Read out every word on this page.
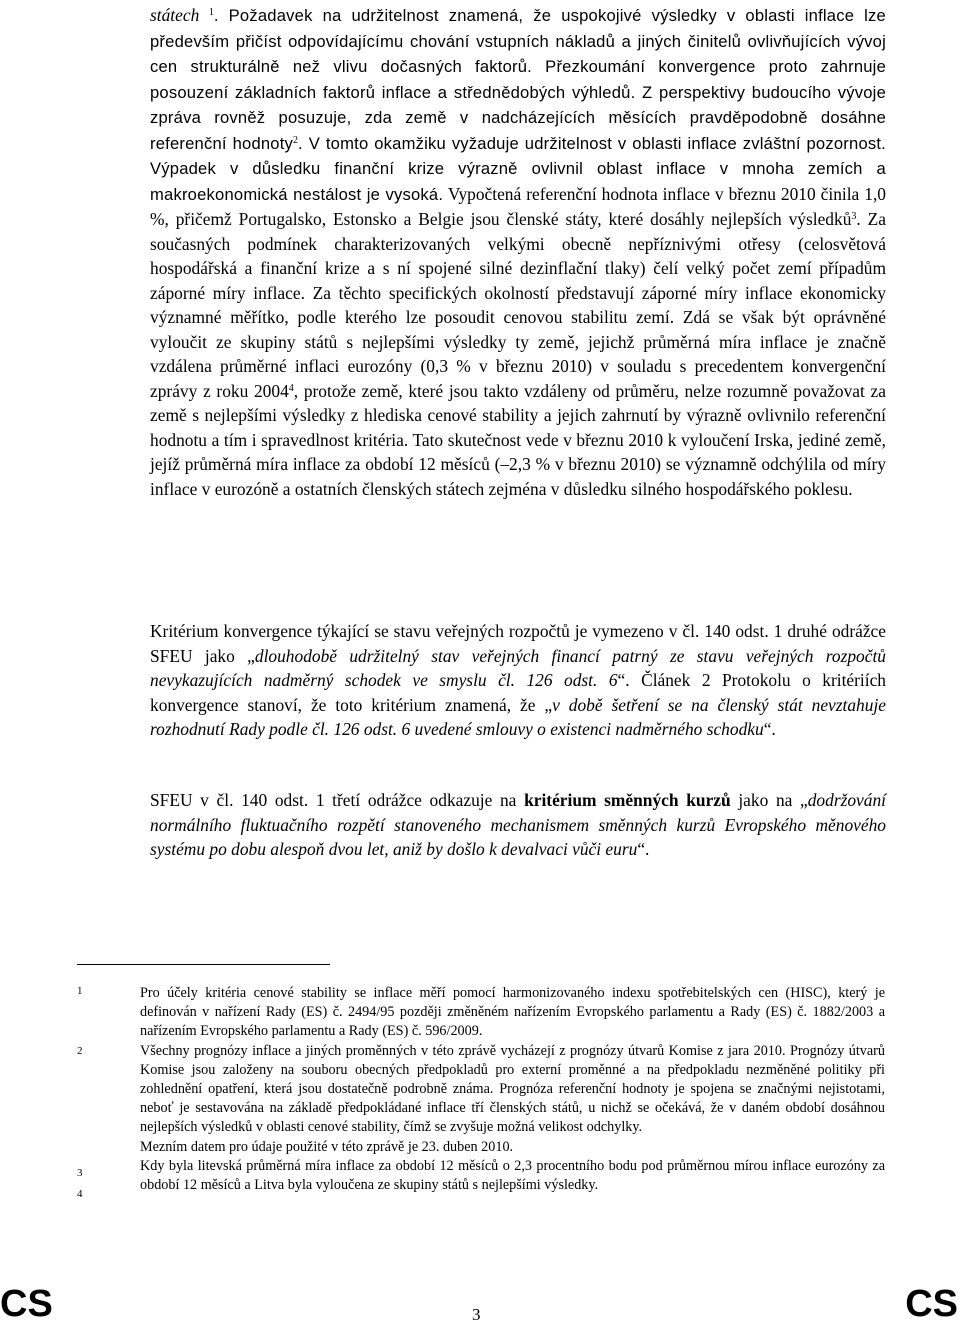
státech $^1$. Požadavek na udržitelnost znamená, že uspokojivé výsledky v oblasti inflace lze především přičíst odpovídajícímu chování vstupních nákladů a jiných činitelů ovlivňujících vývoj cen strukturálně než vlivu dočasných faktorů. Přezkoumání konvergence proto zahrnuje posouzení základních faktorů inflace a střednědobých výhledů. Z perspektivy budoucího vývoje zpráva rovněž posuzuje, zda země v nadcházejících měsících pravděpodobně dosáhne referenční hodnoty$^2$. V tomto okamžiku vyžaduje udržitelnost v oblasti inflace zvláštní pozornost. Výpadek v důsledku finanční krize výrazně ovlivnil oblast inflace v mnoha zemích a makroekonomická nestálost je vysoká. Vypočtená referenční hodnota inflace v březnu 2010 činila 1,0 %, přičemž Portugalsko, Estonsko a Belgie jsou členské státy, které dosáhly nejlepších výsledků$^3$. Za současných podmínek charakterizovaných velkými obecně nepříznivými otřesy (celosvětová hospodářská a finanční krize a s ní spojené silné dezinflační tlaky) čelí velký počet zemí případům záporné míry inflace. Za těchto specifických okolností představují záporné míry inflace ekonomicky významné měřítko, podle kterého lze posoudit cenovou stabilitu zemí. Zdá se však být oprávněné vyloučit ze skupiny států s nejlepšími výsledky ty země, jejichž průměrná míra inflace je značně vzdálena průměrné inflaci eurozóny (0,3 % v březnu 2010) v souladu s precedentem konvergenční zprávy z roku 2004$^4$, protože země, které jsou takto vzdáleny od průměru, nelze rozumně považovat za země s nejlepšími výsledky z hlediska cenové stability a jejich zahrnutí by výrazně ovlivnilo referenční hodnotu a tím i spravedlnost kritéria. Tato skutečnost vede v březnu 2010 k vyloučení Irska, jediné země, jejíž průměrná míra inflace za období 12 měsíců (–2,3 % v březnu 2010) se významně odchýlila od míry inflace v eurozóně a ostatních členských státech zejména v důsledku silného hospodářského poklesu.

Kritérium konvergence týkající se stavu veřejných rozpočtů je vymezeno v čl. 140 odst. 1 druhé odrážce SFEU jako „dlouhodobě udržitelný stav veřejných financí patrný ze stavu veřejných rozpočtů nevykazujících nadměrný schodek ve smyslu čl. 126 odst. 6“. Článek 2 Protokolu o kritériích konvergence stanoví, že toto kritérium znamená, že „v době šetření se na členský stát nevztahuje rozhodnutí Rady podle čl. 126 odst. 6 uvedené smlouvy o existenci nadměrného schodku“.

SFEU v čl. 140 odst. 1 třetí odrážce odkazuje na kritérium směnných kurzů jako na „dodržování normálního fluktuačního rozpětí stanoveného mechanismem směnných kurzů Evropského měnového systému po dobu alespoň dvou let, aniž by došlo k devalvaci vůči euru“.

1
2
3
4

Pro účely kritéria cenové stability se inflace měří pomocí harmonizovaného indexu spotřebitelských cen (HISC), který je definován v nařízení Rady (ES) č. 2494/95 později změněném nařízením Evropského parlamentu a Rady (ES) č. 1882/2003 a nařízením Evropského parlamentu a Rady (ES) č. 596/2009.

Všechny prognózy inflace a jiných proměnných v této zprávě vycházejí z prognózy útvarů Komise z jara 2010. Prognózy útvarů Komise jsou založeny na souboru obecných předpokladů pro externí proměnné a na předpokladu nezměněné politiky při zohlednění opatření, která jsou dostatečně podrobně známa. Prognóza referenční hodnoty je spojena se značnými nejistotami, neboť je sestavována na základě předpokládané inflace tří členských států, u nichž se očekává, že v daném období dosáhnou nejlepších výsledků v oblasti cenové stability, čímž se zvyšuje možná velikost odchylky.

Mezním datem pro údaje použité v této zprávě je 23. duben 2010.

Kdy byla litevská průměrná míra inflace za období 12 měsíců o 2,3 procentního bodu pod průměrnou mírou inflace eurozóny za období 12 měsíců a Litva byla vyloučena ze skupiny států s nejlepšími výsledky.

CS	3	CS
